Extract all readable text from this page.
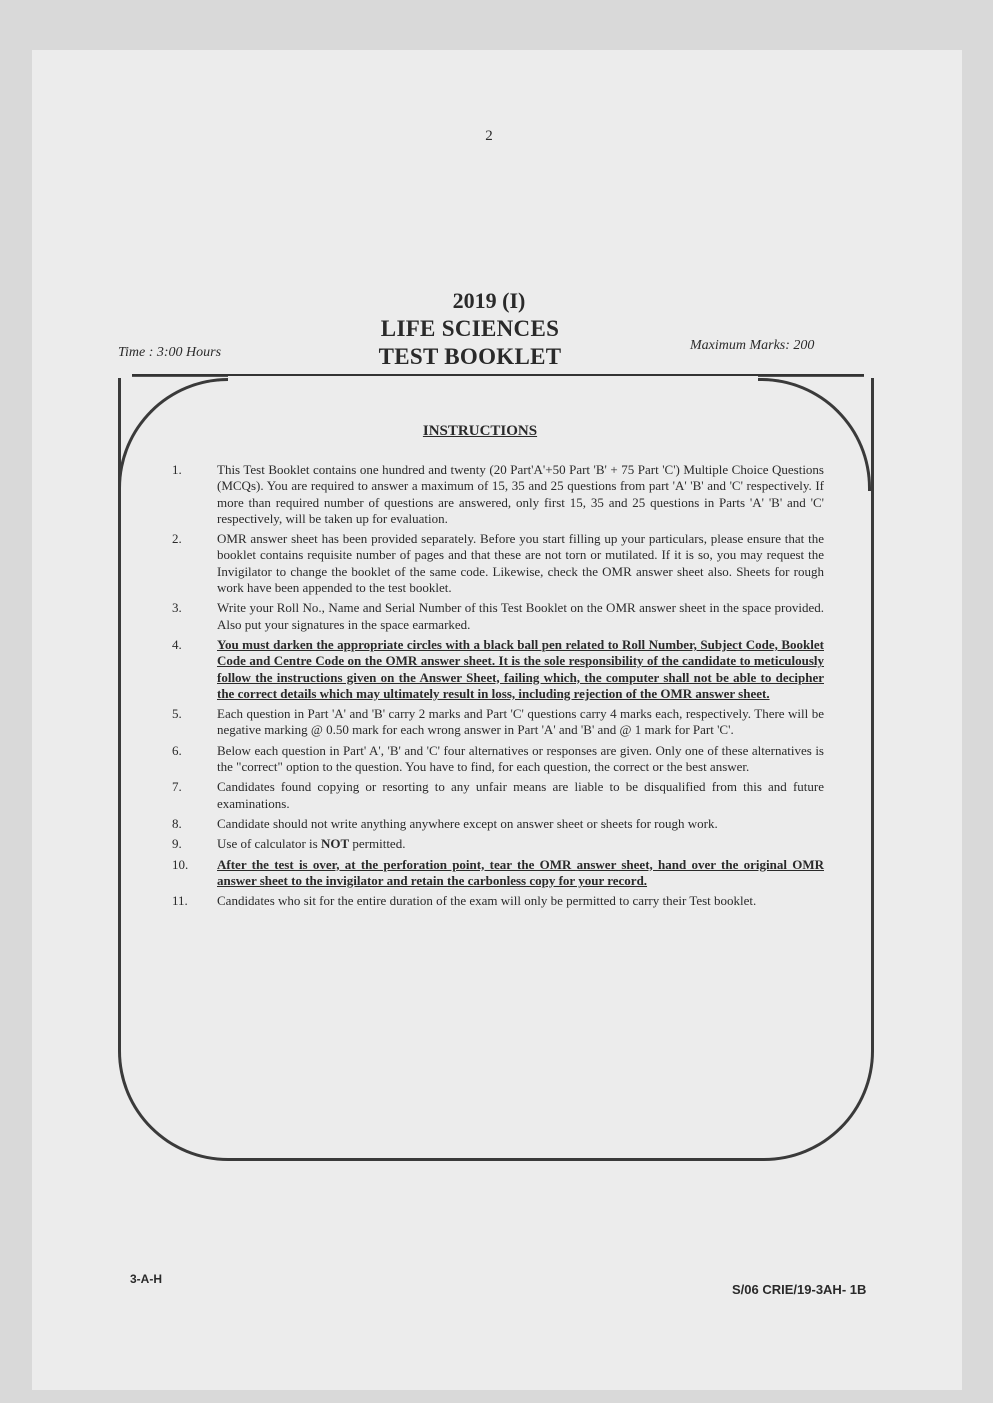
2
2019 (I)
LIFE SCIENCES
TEST BOOKLET
Time : 3:00 Hours	Maximum Marks: 200
INSTRUCTIONS
1.	This Test Booklet contains one hundred and twenty (20 Part'A'+50 Part 'B' + 75 Part 'C') Multiple Choice Questions (MCQs). You are required to answer a maximum of 15, 35 and 25 questions from part 'A' 'B' and 'C' respectively. If more than required number of questions are answered, only first 15, 35 and 25 questions in Parts 'A' 'B' and 'C' respectively, will be taken up for evaluation.
2.	OMR answer sheet has been provided separately. Before you start filling up your particulars, please ensure that the booklet contains requisite number of pages and that these are not torn or mutilated. If it is so, you may request the Invigilator to change the booklet of the same code. Likewise, check the OMR answer sheet also. Sheets for rough work have been appended to the test booklet.
3.	Write your Roll No., Name and Serial Number of this Test Booklet on the OMR answer sheet in the space provided. Also put your signatures in the space earmarked.
4.	You must darken the appropriate circles with a black ball pen related to Roll Number, Subject Code, Booklet Code and Centre Code on the OMR answer sheet. It is the sole responsibility of the candidate to meticulously follow the instructions given on the Answer Sheet, failing which, the computer shall not be able to decipher the correct details which may ultimately result in loss, including rejection of the OMR answer sheet.
5.	Each question in Part 'A' and 'B' carry 2 marks and Part 'C' questions carry 4 marks each, respectively. There will be negative marking @ 0.50 mark for each wrong answer in Part 'A' and 'B' and @ 1 mark for Part 'C'.
6.	Below each question in Part' A', 'B' and 'C' four alternatives or responses are given. Only one of these alternatives is the "correct" option to the question. You have to find, for each question, the correct or the best answer.
7.	Candidates found copying or resorting to any unfair means are liable to be disqualified from this and future examinations.
8.	Candidate should not write anything anywhere except on answer sheet or sheets for rough work.
9.	Use of calculator is NOT permitted.
10.	After the test is over, at the perforation point, tear the OMR answer sheet, hand over the original OMR answer sheet to the invigilator and retain the carbonless copy for your record.
11.	Candidates who sit for the entire duration of the exam will only be permitted to carry their Test booklet.
3-A-H
S/06 CRIE/19-3AH- 1B
